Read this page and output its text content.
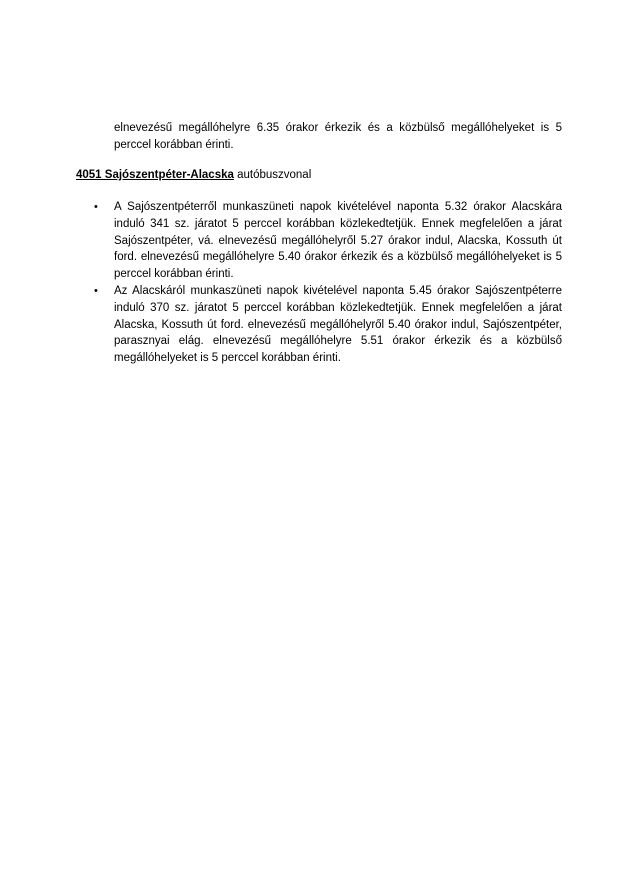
elnevezésű megállóhelyre 6.35 órakor érkezik és a közbülső megállóhelyeket is 5 perccel korábban érinti.

4051 Sajószentpéter-Alacska autóbuszvonal
• A Sajószentpéterről munkaszüneti napok kivételével naponta 5.32 órakor Alacskára induló 341 sz. járatot 5 perccel korábban közlekedtetjük. Ennek megfelelően a járat Sajószentpéter, vá. elnevezésű megállóhelyről 5.27 órakor indul, Alacska, Kossuth út ford. elnevezésű megállóhelyre 5.40 órakor érkezik és a közbülső megállóhelyeket is 5 perccel korábban érinti.
• Az Alacskáról munkaszüneti napok kivételével naponta 5.45 órakor Sajószentpéterre induló 370 sz. járatot 5 perccel korábban közlekedtetjük. Ennek megfelelően a járat Alacska, Kossuth út ford. elnevezésű megállóhelyről 5.40 órakor indul, Sajószentpéter, parasznyai elág. elnevezésű megállóhelyre 5.51 órakor érkezik és a közbülső megállóhelyeket is 5 perccel korábban érinti.
